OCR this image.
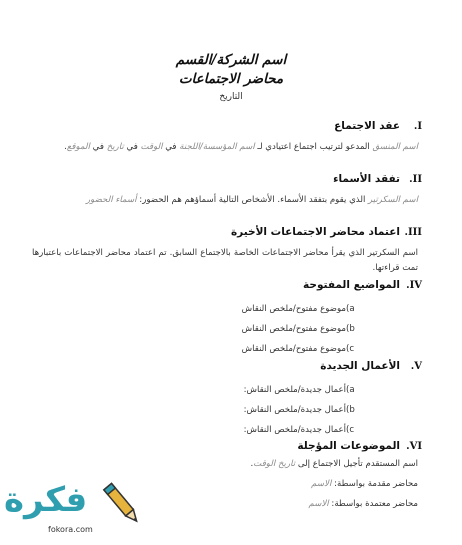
اسم الشركة/القسم
محاضر الاجتماعات
التاريخ
I.عقد الاجتماع
اسم المنسق المدعو لترتيب اجتماع اعتيادي لـ اسم المؤسسة/اللجنة في الوقت في تاريخ في الموقع.
II.تفقد الأسماء
اسم السكرتير الذي يقوم بتفقد الأسماء. الأشخاص التالية أسماؤهم هم الحضور: أسماء الحضور
III.اعتماد محاضر الاجتماعات الأخيرة
اسم السكرتير الذي يقرأ محاضر الاجتماعات الخاصة بالاجتماع السابق. تم اعتماد محاضر الاجتماعات باعتبارها تمت قراءتها.
IV.المواضيع المفتوحة
a)موضوع مفتوح/ملخص النقاش
b)موضوع مفتوح/ملخص النقاش
c)موضوع مفتوح/ملخص النقاش
V.الأعمال الجديدة
a)أعمال جديدة/ملخص النقاش:
b)أعمال جديدة/ملخص النقاش:
c)أعمال جديدة/ملخص النقاش:
VI.الموضوعات المؤجلة
اسم المستقدم تأجيل الاجتماع إلى تاريخ الوقت.
محاضر مقدمة بواسطة: الاسم
محاضر معتمدة بواسطة: الاسم
فكرة
fokora.com
